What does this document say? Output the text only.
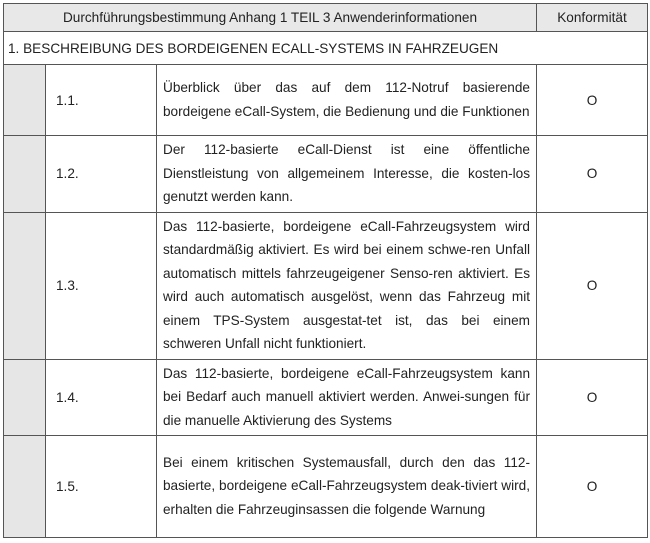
Durchführungsbestimmung Anhang 1 TEIL 3 Anwenderinformationen			Konformität
1. BESCHREIBUNG DES BORDEIGENEN ECALL-SYSTEMS IN FAHRZEUGEN			
	1.1.	Überblick über das auf dem 112-Notruf basierende bordeigene eCall-System, die Bedienung und die Funktionen	O
	1.2.	Der 112-basierte eCall-Dienst ist eine öffentliche Dienstleistung von allgemeinem Interesse, die kosten-los genutzt werden kann.	O
	1.3.	Das 112-basierte, bordeigene eCall-Fahrzeugsystem wird standardmäßig aktiviert. Es wird bei einem schwe-ren Unfall automatisch mittels fahrzeugeigener Senso-ren aktiviert. Es wird auch automatisch ausgelöst, wenn das Fahrzeug mit einem TPS-System ausgestat-tet ist, das bei einem schweren Unfall nicht funktioniert.	O
	1.4.	Das 112-basierte, bordeigene eCall-Fahrzeugsystem kann bei Bedarf auch manuell aktiviert werden. Anwei-sungen für die manuelle Aktivierung des Systems	O
	1.5.	Bei einem kritischen Systemausfall, durch den das 112-basierte, bordeigene eCall-Fahrzeugsystem deak-tiviert wird, erhalten die Fahrzeuginsassen die folgende Warnung	O
